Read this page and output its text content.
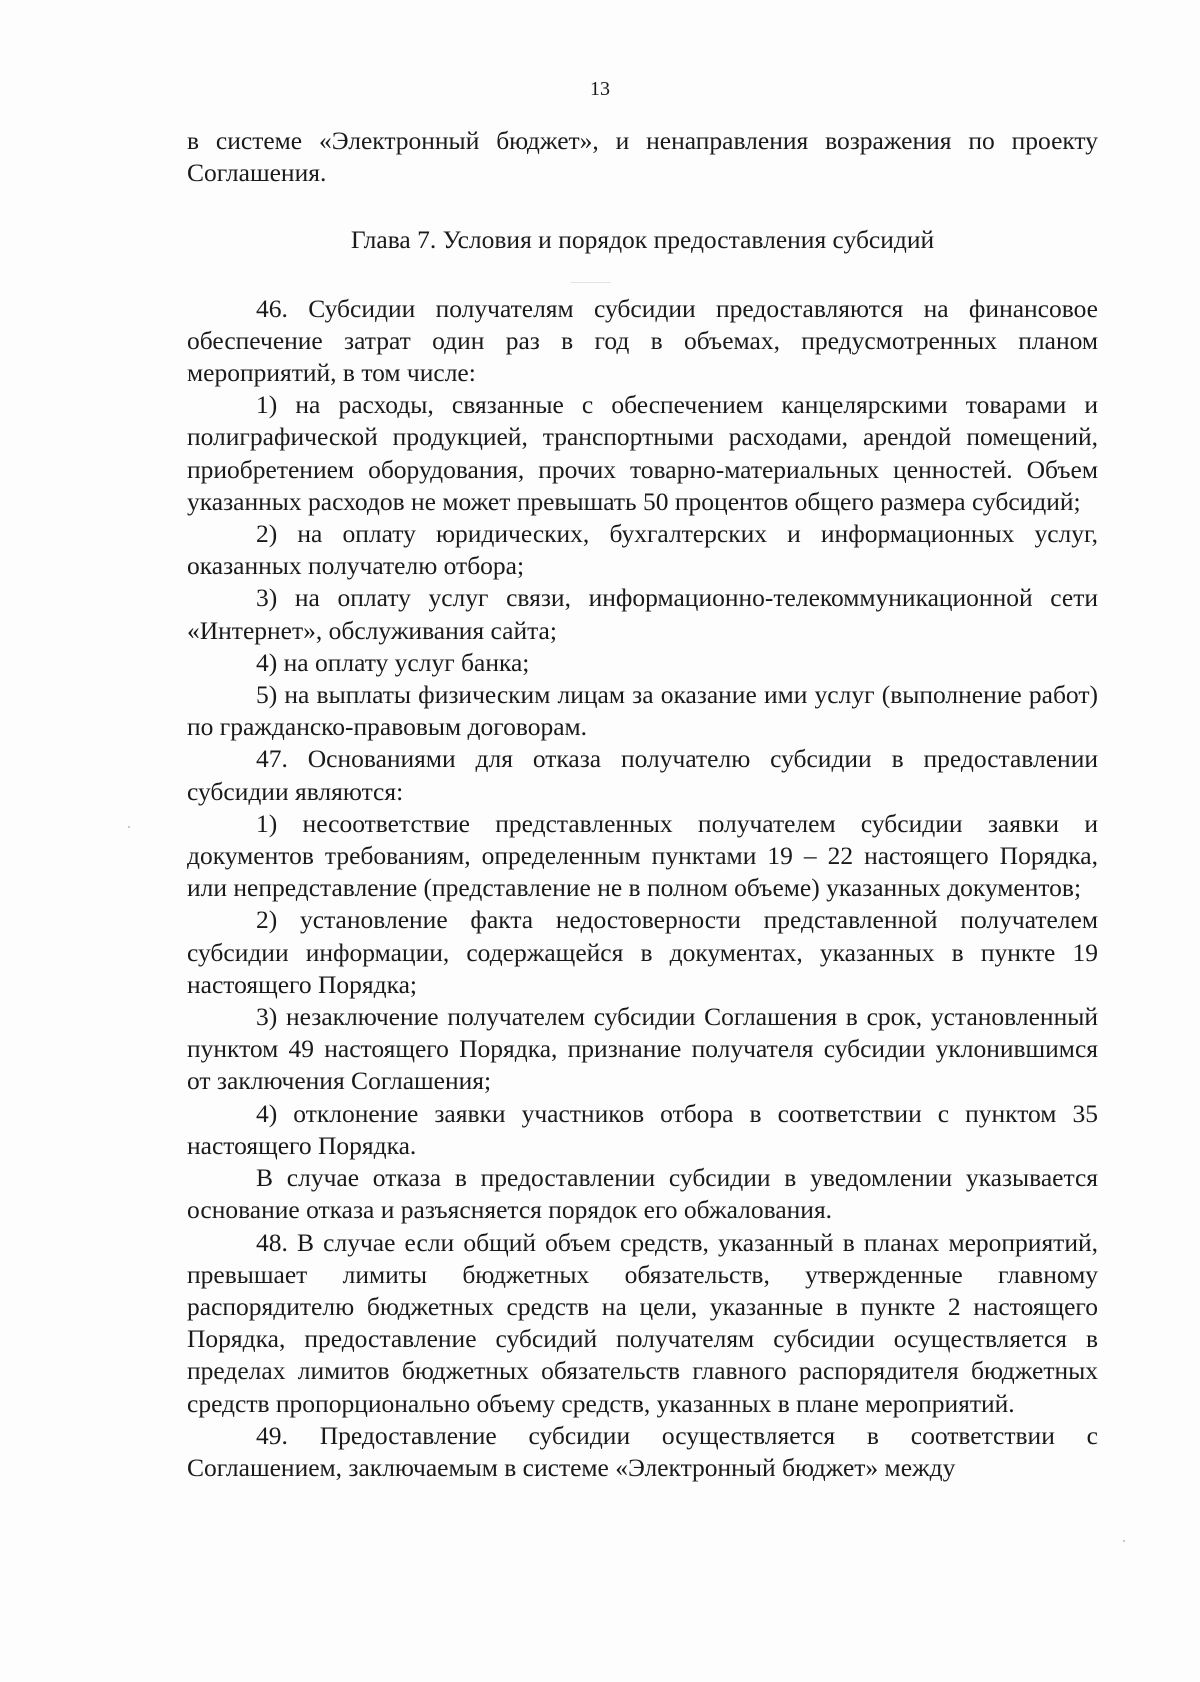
13

в системе «Электронный бюджет», и ненаправления возражения по проекту Соглашения.

Глава 7. Условия и порядок предоставления субсидий

46. Субсидии получателям субсидии предоставляются на финансовое обеспечение затрат один раз в год в объемах, предусмотренных планом мероприятий, в том числе:

1) на расходы, связанные с обеспечением канцелярскими товарами и полиграфической продукцией, транспортными расходами, арендой помещений, приобретением оборудования, прочих товарно-материальных ценностей. Объем указанных расходов не может превышать 50 процентов общего размера субсидий;

2) на оплату юридических, бухгалтерских и информационных услуг, оказанных получателю отбора;

3) на оплату услуг связи, информационно-телекоммуникационной сети «Интернет», обслуживания сайта;

4) на оплату услуг банка;

5) на выплаты физическим лицам за оказание ими услуг (выполнение работ) по гражданско-правовым договорам.

47. Основаниями для отказа получателю субсидии в предоставлении субсидии являются:

1) несоответствие представленных получателем субсидии заявки и документов требованиям, определенным пунктами 19 – 22 настоящего Порядка, или непредставление (представление не в полном объеме) указанных документов;

2) установление факта недостоверности представленной получателем субсидии информации, содержащейся в документах, указанных в пункте 19 настоящего Порядка;

3) незаключение получателем субсидии Соглашения в срок, установленный пунктом 49 настоящего Порядка, признание получателя субсидии уклонившимся от заключения Соглашения;

4) отклонение заявки участников отбора в соответствии с пунктом 35 настоящего Порядка.

В случае отказа в предоставлении субсидии в уведомлении указывается основание отказа и разъясняется порядок его обжалования.

48. В случае если общий объем средств, указанный в планах мероприятий, превышает лимиты бюджетных обязательств, утвержденные главному распорядителю бюджетных средств на цели, указанные в пункте 2 настоящего Порядка, предоставление субсидий получателям субсидии осуществляется в пределах лимитов бюджетных обязательств главного распорядителя бюджетных средств пропорционально объему средств, указанных в плане мероприятий.

49. Предоставление субсидии осуществляется в соответствии с Соглашением, заключаемым в системе «Электронный бюджет» между
